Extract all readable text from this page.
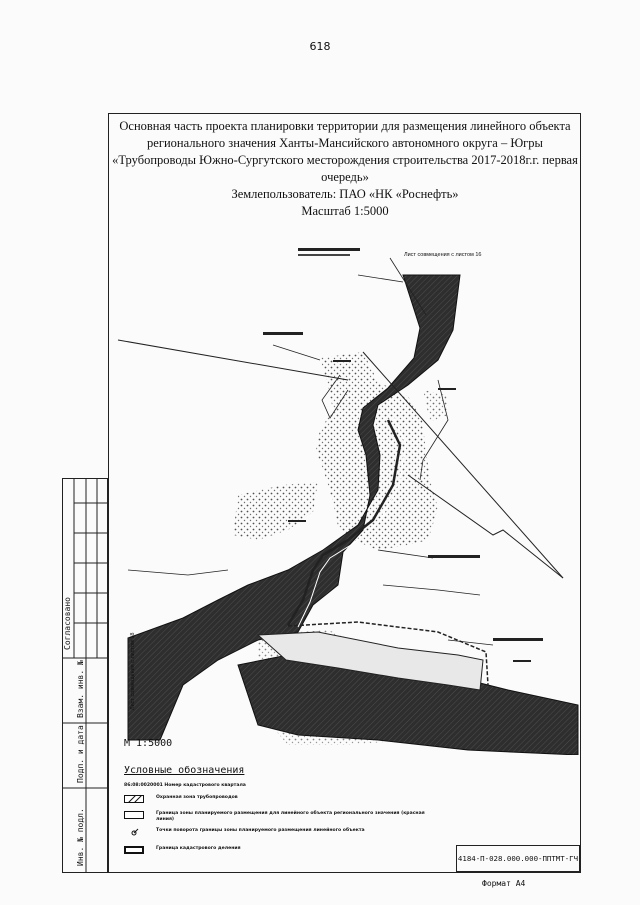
618
Основная часть проекта планировки территории для размещения линейного объекта
регионального значения Ханты-Мансийского автономного округа – Югры
«Трубопроводы Южно-Сургутского месторождения строительства 2017-2018г.г. первая
очередь»
Землепользователь: ПАО «НК «Роснефть»
Масштаб 1:5000
Лист совмещения с листом 16
Лист совмещения с листом 18
М 1:5000
Условные обозначения
86:08:0020001 Номер кадастрового квартала
Охранная зона трубопроводов
Граница зоны планируемого размещения для линейного объекта регионального значения (красная линия)
Точки поворота границы зоны планируемого размещения линейного объекта
Граница кадастрового деления
4184-П-028.000.000-ППТМТ-ГЧ
Формат А4
Согласовано
Взам. инв. №
Подп. и дата
Инв. № подл.
